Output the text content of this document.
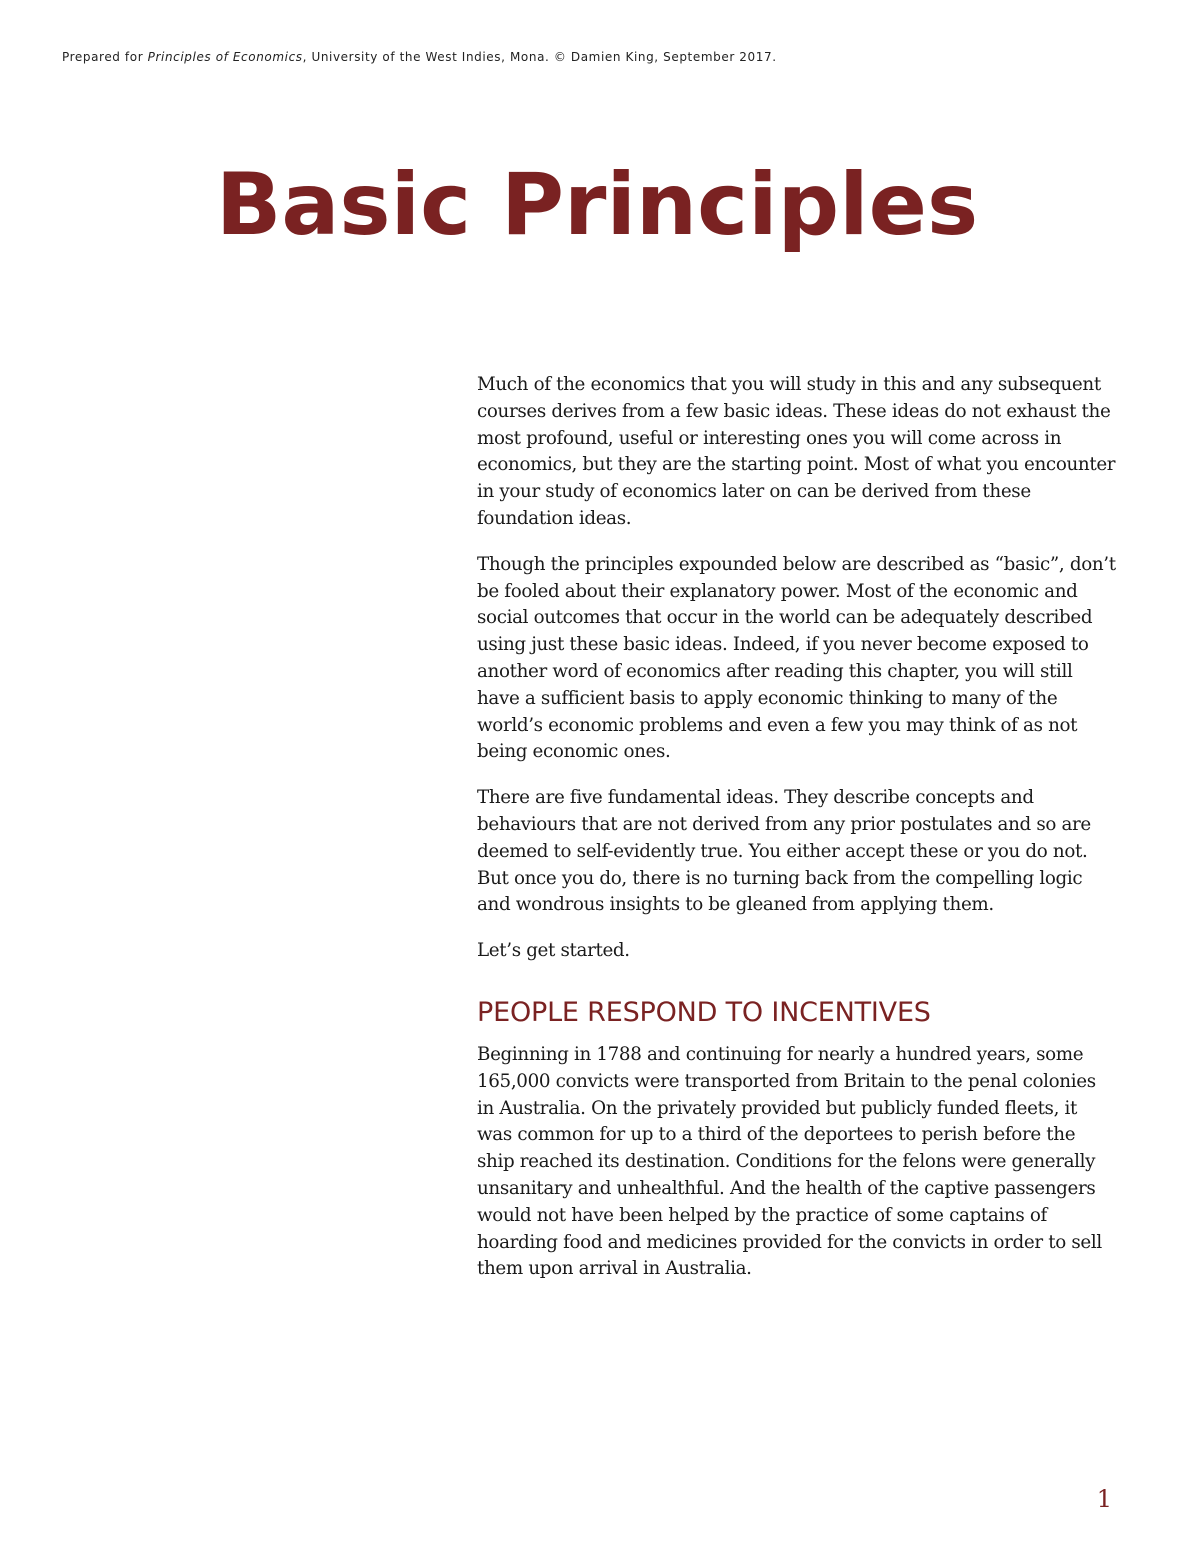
Prepared for Principles of Economics, University of the West Indies, Mona. © Damien King, September 2017.
Basic Principles

Much of the economics that you will study in this and any subsequent courses derives from a few basic ideas. These ideas do not exhaust the most profound, useful or interesting ones you will come across in economics, but they are the starting point. Most of what you encounter in your study of economics later on can be derived from these foundation ideas.

Though the principles expounded below are described as “basic”, don’t be fooled about their explanatory power. Most of the economic and social outcomes that occur in the world can be adequately described using just these basic ideas. Indeed, if you never become exposed to another word of economics after reading this chapter, you will still have a sufficient basis to apply economic thinking to many of the world’s economic problems and even a few you may think of as not being economic ones.

There are five fundamental ideas. They describe concepts and behaviours that are not derived from any prior postulates and so are deemed to self-evidently true. You either accept these or you do not. But once you do, there is no turning back from the compelling logic and wondrous insights to be gleaned from applying them.

Let’s get started.

PEOPLE RESPOND TO INCENTIVES

Beginning in 1788 and continuing for nearly a hundred years, some 165,000 convicts were transported from Britain to the penal colonies in Australia. On the privately provided but publicly funded fleets, it was common for up to a third of the deportees to perish before the ship reached its destination. Conditions for the felons were generally unsanitary and unhealthful. And the health of the captive passengers would not have been helped by the practice of some captains of hoarding food and medicines provided for the convicts in order to sell them upon arrival in Australia.

1
